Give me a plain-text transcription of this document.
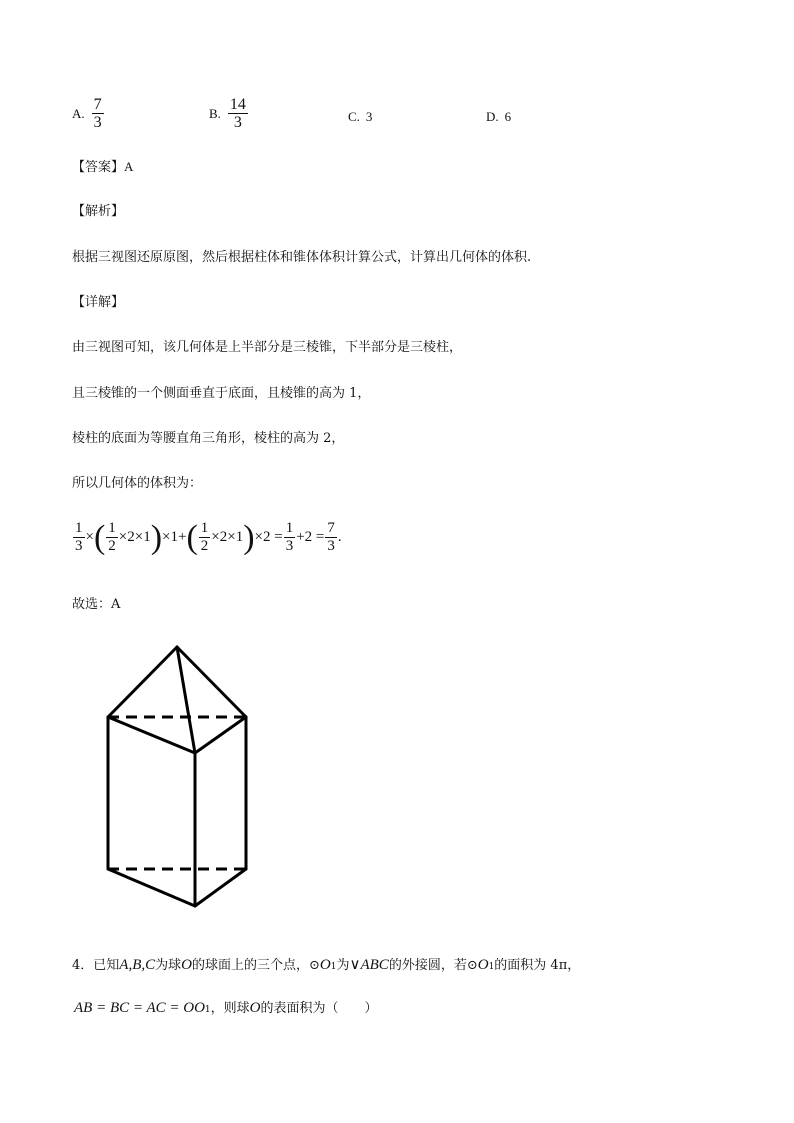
A. $\frac{7}{3}$	B. $\frac{14}{3}$	C. 3	D. 6
【答案】A
【解析】
根据三视图还原原图，然后根据柱体和锥体体积计算公式，计算出几何体的体积.
【详解】
由三视图可知，该几何体是上半部分是三棱锥，下半部分是三棱柱，
且三棱锥的一个侧面垂直于底面，且棱锥的高为 1，
棱柱的底面为等腰直角三角形，棱柱的高为 2，
所以几何体的体积为：
$\frac{1}{3}$ × ( $\frac{1}{2} \times 2\times 1$ ) ×1+ ( $\frac{1}{2} \times 2\times 1$ ) $\times 2 = \frac{1}{3} +2 = \frac{7}{3}$ .
故选：A
4．已知 A,B,C 为球 O 的球面上的三个点，⊙ O 1 为 ∨ ABC 的外接圆，若⊙ O 1 的面积为 4π，
AB = BC = AC = OO 1 ，则球 O 的表面积为（　　）
